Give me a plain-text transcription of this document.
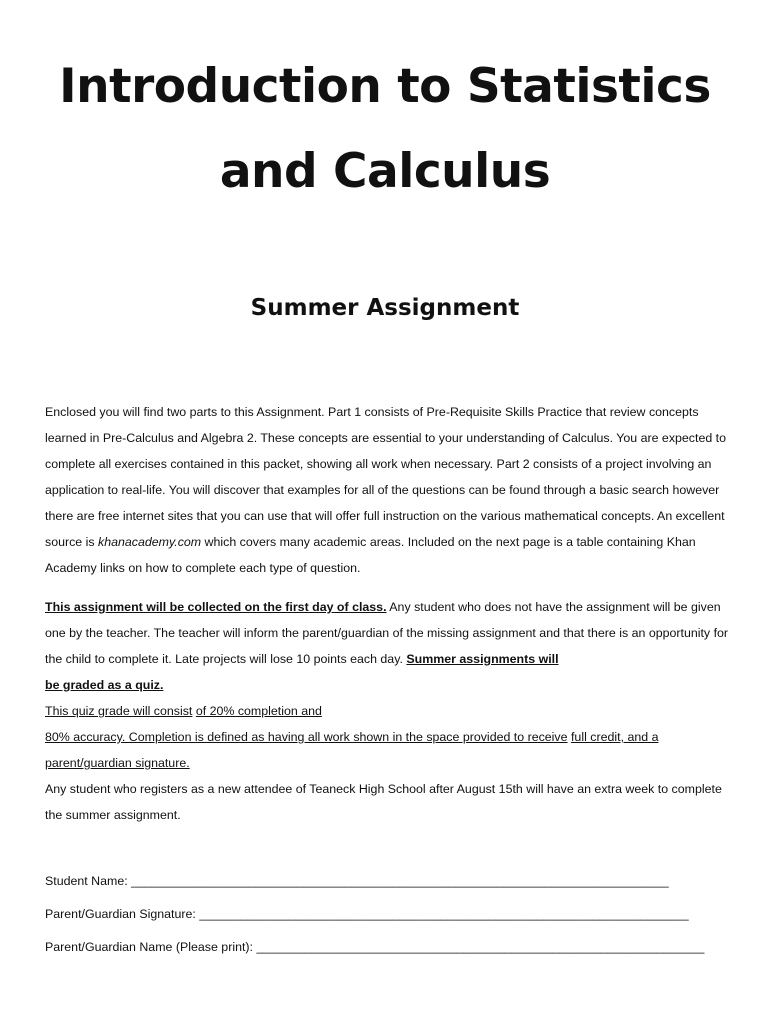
Introduction to Statistics
and Calculus
Summer Assignment

Enclosed you will find two parts to this Assignment. Part 1 consists of Pre-Requisite Skills Practice that review concepts learned in Pre-Calculus and Algebra 2. These concepts are essential to your understanding of Calculus. You are expected to complete all exercises contained in this packet, showing all work when necessary. Part 2 consists of a project involving an application to real-life. You will discover that examples for all of the questions can be found through a basic search however there are free internet sites that you can use that will offer full instruction on the various mathematical concepts. An excellent source is khanacademy.com which covers many academic areas. Included on the next page is a table containing Khan Academy links on how to complete each type of question.

This assignment will be collected on the first day of class. Any student who does not have the assignment will be given one by the teacher. The teacher will inform the parent/guardian of the missing assignment and that there is an opportunity for the child to complete it. Late projects will lose 10 points each day. Summer assignments will
be graded as a quiz.
This quiz grade will consist of 20% completion and
80% accuracy. Completion is defined as having all work shown in the space provided to receive full credit, and a
parent/guardian signature.
Any student who registers as a new attendee of Teaneck High School after August 15th will have an extra week to complete the summer assignment.
Student Name: ______________________________________________________________________________
Parent/Guardian Signature: _______________________________________________________________________
Parent/Guardian Name (Please print): _________________________________________________________________
